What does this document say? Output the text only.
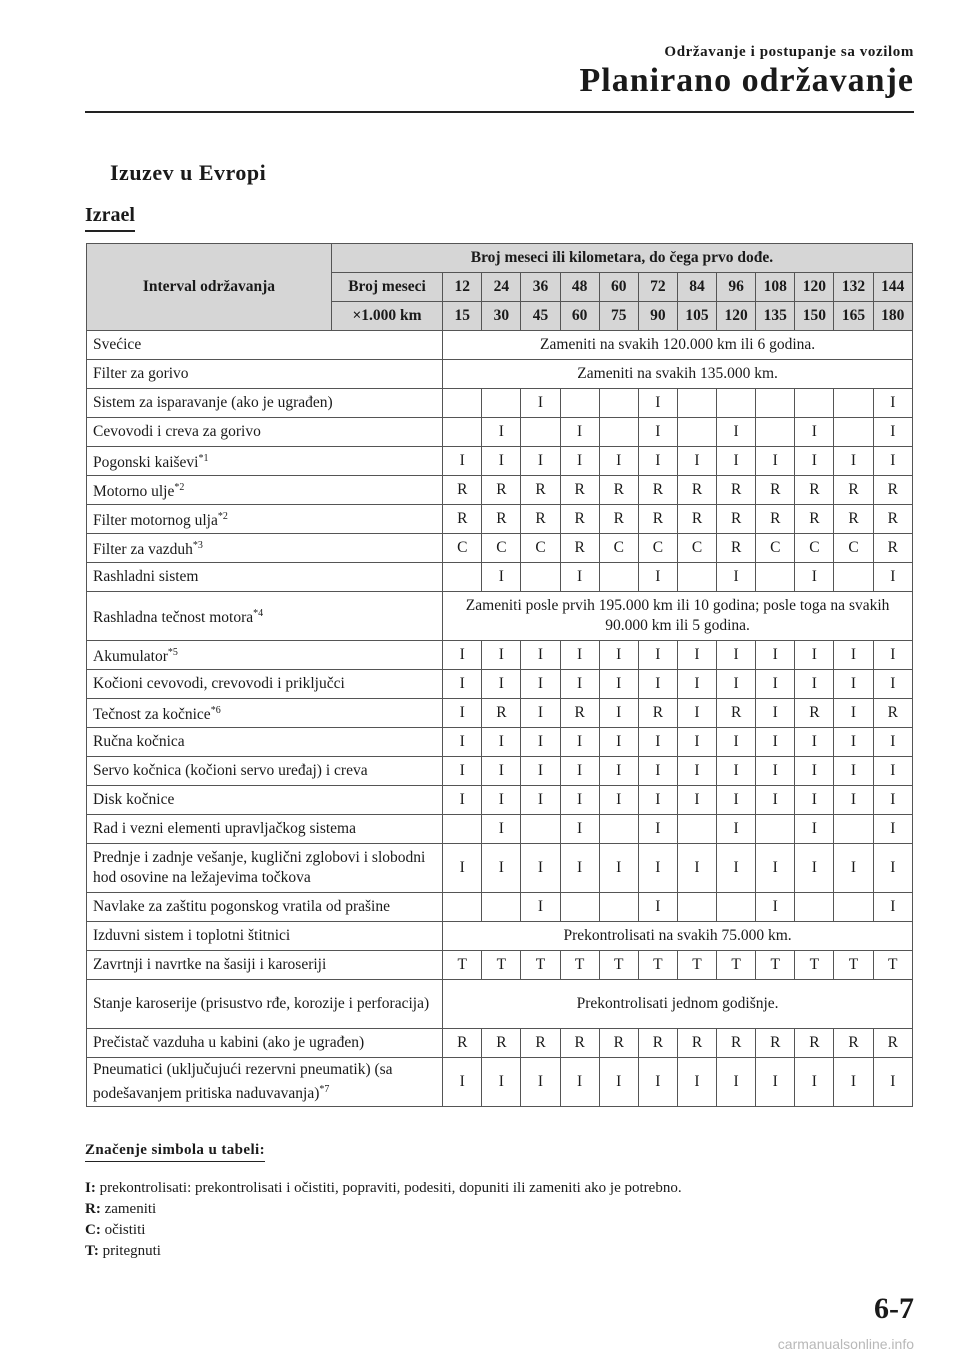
Održavanje i postupanje sa vozilom
Planirano održavanje
Izuzev u Evropi
Izrael
Interval održavanja	Broj meseci ili kilometara, do čega prvo dođe.												
	Broj meseci	12	24	36	48	60	72	84	96	108	120	132	144
	×1.000 km	15	30	45	60	75	90	105	120	135	150	165	180
Svećice		Zameniti na svakih 120.000 km ili 6 godina.											
Filter za gorivo		Zameniti na svakih 135.000 km.											
Sistem za isparavanje (ako je ugrađen)				I			I						I
Cevovodi i creva za gorivo			I		I		I		I		I		I
Pogonski kaiševi$^{*1}$		I	I	I	I	I	I	I	I	I	I	I	I
Motorno ulje$^{*2}$		R	R	R	R	R	R	R	R	R	R	R	R
Filter motornog ulja$^{*2}$		R	R	R	R	R	R	R	R	R	R	R	R
Filter za vazduh$^{*3}$		C	C	C	R	C	C	C	R	C	C	C	R
Rashladni sistem			I		I		I		I		I		I
Rashladna tečnost motora$^{*4}$		Zameniti posle prvih 195.000 km ili 10 godina; posle toga na svakih 90.000 km ili 5 godina.											
Akumulator$^{*5}$		I	I	I	I	I	I	I	I	I	I	I	I
Kočioni cevovodi, crevovodi i priključci		I	I	I	I	I	I	I	I	I	I	I	I
Tečnost za kočnice$^{*6}$		I	R	I	R	I	R	I	R	I	R	I	R
Ručna kočnica		I	I	I	I	I	I	I	I	I	I	I	I
Servo kočnica (kočioni servo uređaj) i creva		I	I	I	I	I	I	I	I	I	I	I	I
Disk kočnice		I	I	I	I	I	I	I	I	I	I	I	I
Rad i vezni elementi upravljačkog sistema			I		I		I		I		I		I
Prednje i zadnje vešanje, kuglični zglobovi i slobodni hod osovine na ležajevima točkova		I	I	I	I	I	I	I	I	I	I	I	I
Navlake za zaštitu pogonskog vratila od prašine				I			I			I			I
Izduvni sistem i toplotni štitnici		Prekontrolisati na svakih 75.000 km.											
Zavrtnji i navrtke na šasiji i karoseriji		T	T	T	T	T	T	T	T	T	T	T	T
Stanje karoserije (prisustvo rđe, korozije i perforacija)		Prekontrolisati jednom godišnje.											
Prečistač vazduha u kabini (ako je ugrađen)		R	R	R	R	R	R	R	R	R	R	R	R
Pneumatici (uključujući rezervni pneumatik) (sa podešavanjem pritiska naduvavanja)$^{*7}$		I	I	I	I	I	I	I	I	I	I	I	I
Značenje simbola u tabeli:
I: prekontrolisati: prekontrolisati i očistiti, popraviti, podesiti, dopuniti ili zameniti ako je potrebno.
R: zameniti
C: očistiti
T: pritegnuti
6-7
carmanualsonline.info
